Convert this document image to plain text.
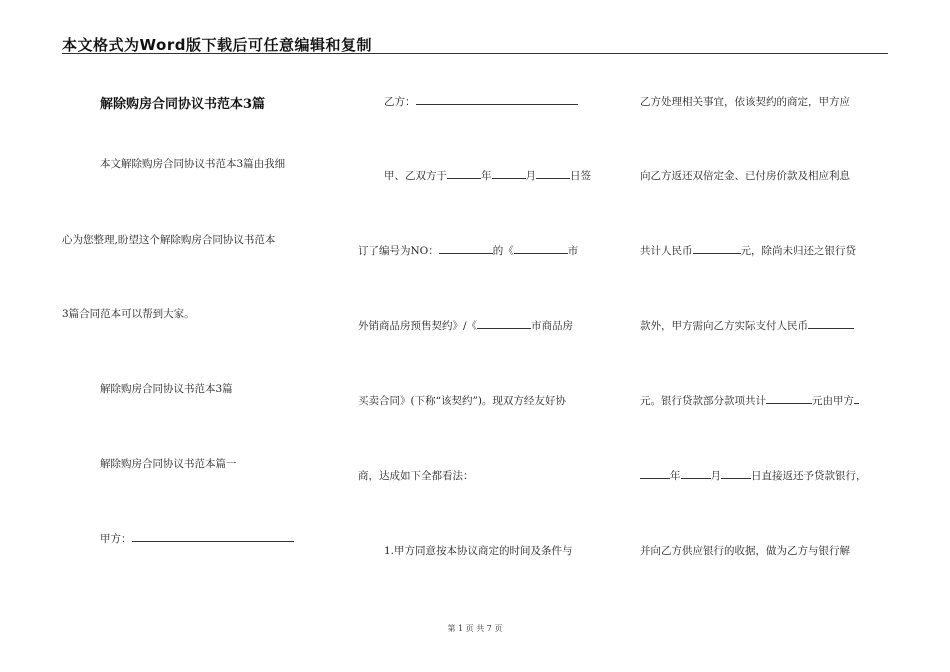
本文格式为Word版下载后可任意编辑和复制
解除购房合同协议书范本3篇
本文解除购房合同协议书范本3篇由我细
心为您整理,盼望这个解除购房合同协议书范本
3篇合同范本可以帮到大家。
解除购房合同协议书范本3篇
解除购房合同协议书范本篇一
甲方：
乙方：
甲、乙双方于	年	月	日签
订了编号为NO：	的《	市
外销商品房预售契约》/《	市商品房
买卖合同》(下称“该契约”)。现双方经友好协
商，达成如下全都看法：
1.甲方同意按本协议商定的时间及条件与
乙方处理相关事宜，依该契约的商定，甲方应
向乙方返还双倍定金、已付房价款及相应利息
共计人民币	元，除尚未归还之银行贷
款外，甲方需向乙方实际支付人民币
元。银行贷款部分款项共计	元由甲方
年	月	日直接返还予贷款银行，
并向乙方供应银行的收据，做为乙方与银行解
第 1 页 共 7 页
